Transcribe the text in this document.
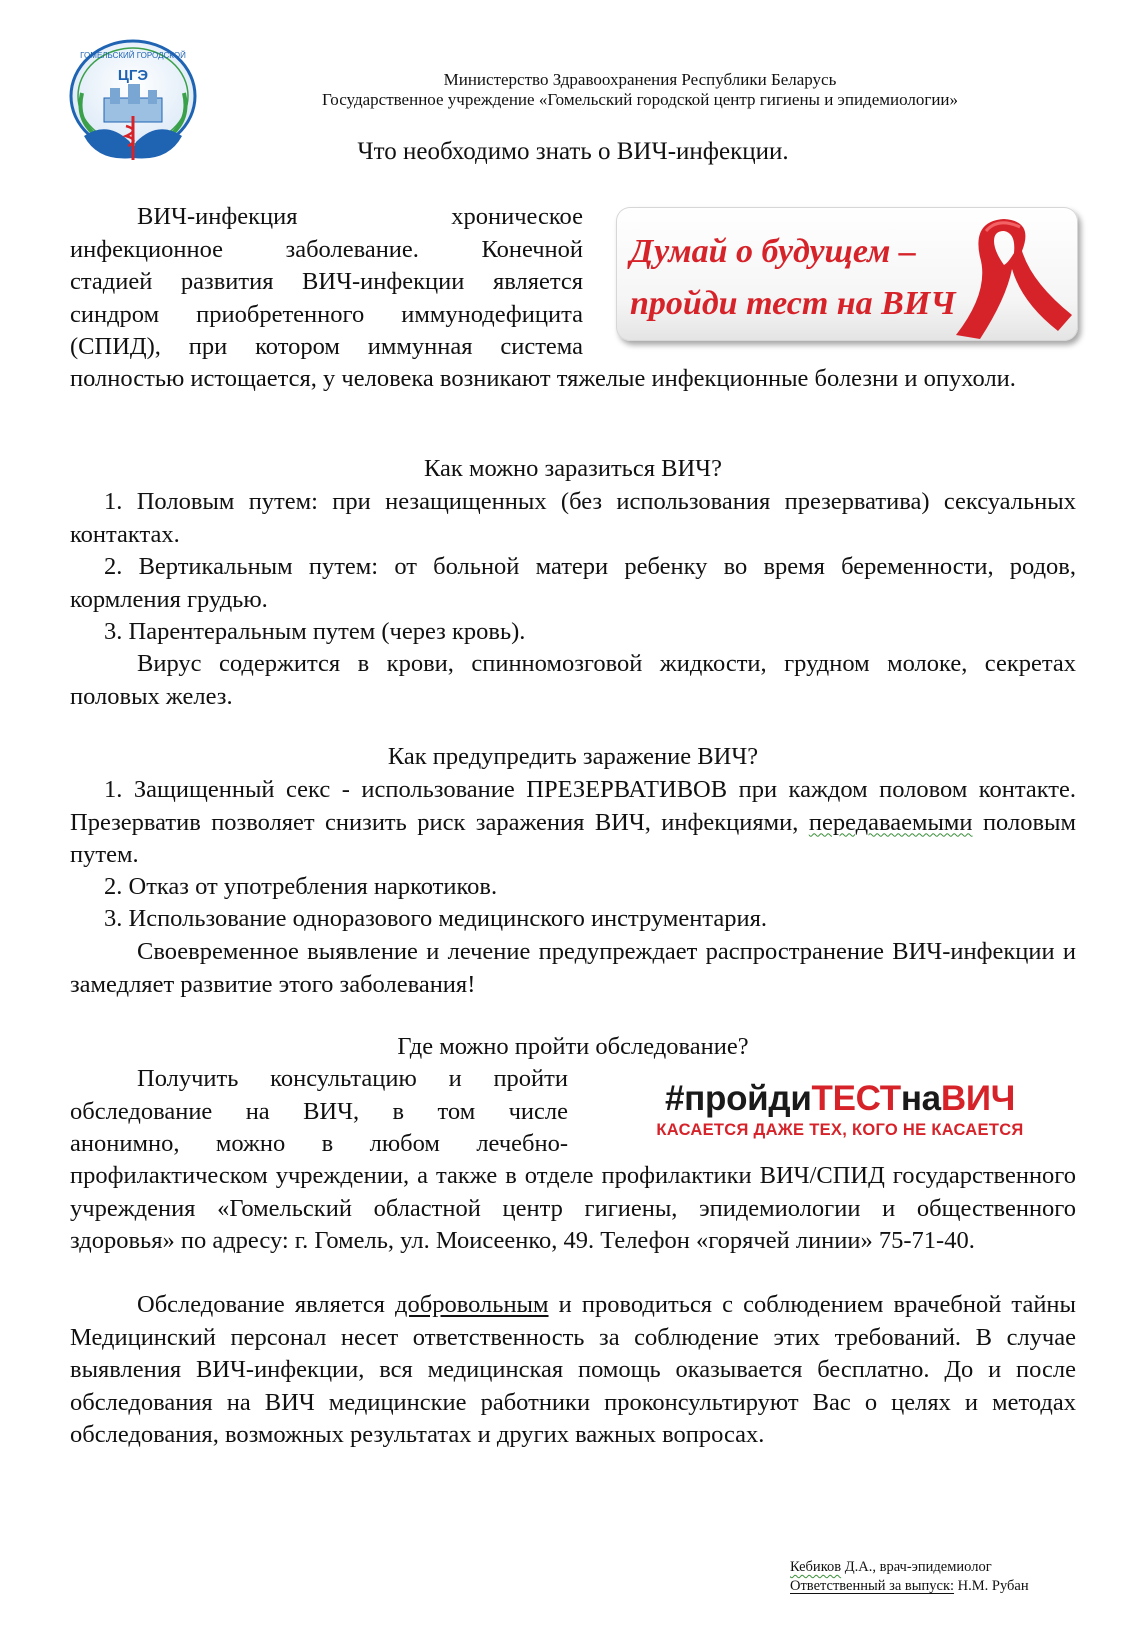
ГОМЕЛЬСКИЙ ГОРОДСКОЙ
ЦГЭ	Министерство Здравоохранения Республики Беларусь
Государственное учреждение «Гомельский городской центр гигиены и эпидемиологии»
Что необходимо знать о ВИЧ-инфекции.
ВИЧ-инфекция	хроническое
инфекционное заболевание. Конечной
стадией развития ВИЧ-инфекции является
синдром приобретенного иммунодефицита
(СПИД), при котором иммунная система

полностью истощается, у человека возникают тяжелые инфекционные болезни и опухоли.

Думай о будущем –
пройди тест на ВИЧ
Как можно заразиться ВИЧ?

1. Половым путем: при незащищенных (без использования презерватива) сексуальных контактах.

2. Вертикальным путем: от больной матери ребенку во время беременности, родов, кормления грудью.

3. Парентеральным путем (через кровь).

Вирус содержится в крови, спинномозговой жидкости, грудном молоке, секретах половых желез.

Как предупредить заражение ВИЧ?

1. Защищенный секс - использование ПРЕЗЕРВАТИВОВ при каждом половом контакте. Презерватив позволяет снизить риск заражения ВИЧ, инфекциями, передаваемыми половым путем.

2. Отказ от употребления наркотиков.

3. Использование одноразового медицинского инструментария.

Своевременное выявление и лечение предупреждает распространение ВИЧ-инфекции и замедляет развитие этого заболевания!

Где можно пройти обследование?
Получить консультацию и пройти
обследование на ВИЧ, в том числе
анонимно, можно в любом лечебно-

профилактическом учреждении, а также в отделе профилактики ВИЧ/СПИД государственного учреждения «Гомельский областной центр гигиены, эпидемиологии и общественного здоровья» по адресу: г. Гомель, ул. Моисеенко, 49. Телефон «горячей линии» 75-71-40.

Обследование является добровольным и проводиться с соблюдением врачебной тайны Медицинский персонал несет ответственность за соблюдение этих требований. В случае выявления ВИЧ-инфекции, вся медицинская помощь оказывается бесплатно. До и после обследования на ВИЧ медицинские работники проконсультируют Вас о целях и методах обследования, возможных результатах и других важных вопросах.

#пройдиТЕСТнаВИЧ
КАСАЕТСЯ ДАЖЕ ТЕХ, КОГО НЕ КАСАЕТСЯ
Кебиков Д.А., врач-эпидемиолог
Ответственный за выпуск: Н.М. Рубан
